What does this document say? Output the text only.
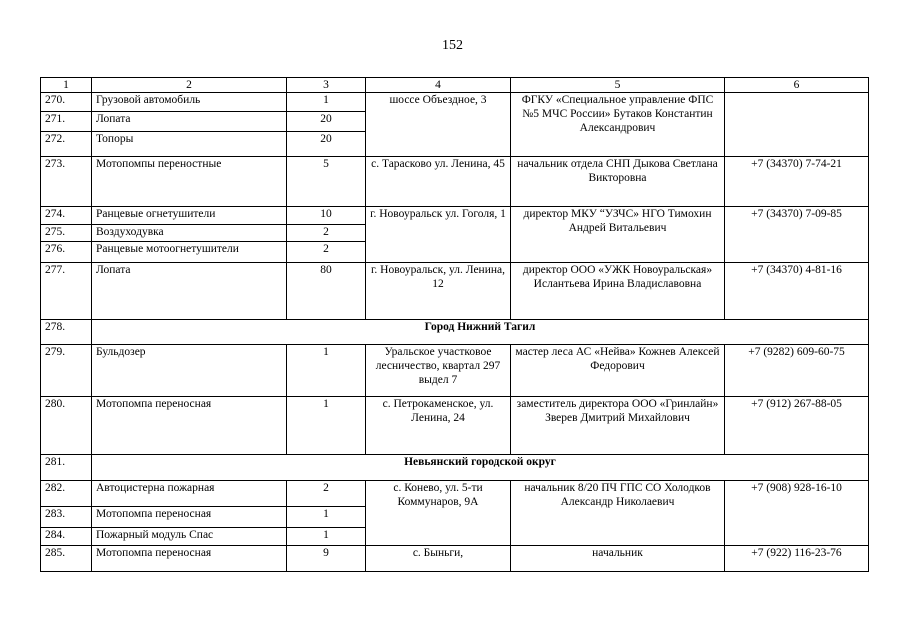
152
1	2	3	4	5	6
270.	Грузовой автомобиль	1	шоссе Объездное, 3	ФГКУ «Специальное управление ФПС №5 МЧС России» Бутаков Константин Александрович	
271.	Лопата	20			
272.	Топоры	20			
273.	Мотопомпы переностные	5	с. Тарасково ул. Ленина, 45	начальник отдела СНП Дыкова Светлана Викторовна	+7 (34370) 7-74-21
274.	Ранцевые огнетушители	10	г. Новоуральск ул. Гоголя, 1	директор МКУ “УЗЧС» НГО Тимохин Андрей Витальевич	+7 (34370) 7-09-85
275.	Воздуходувка	2			
276.	Ранцевые мотоогнетушители	2			
277.	Лопата	80	г. Новоуральск, ул. Ленина, 12	директор ООО «УЖК Новоуральская» Ислантьева Ирина Владиславовна	+7 (34370) 4-81-16
278.	Город Нижний Тагил				
279.	Бульдозер	1	Уральское участковое лесничество, квартал 297 выдел 7	мастер леса АС «Нейва» Кожнев Алексей Федорович	+7 (9282) 609-60-75
280.	Мотопомпа переносная	1	с. Петрокаменское, ул. Ленина, 24	заместитель директора ООО «Гринлайн» Зверев Дмитрий Михайлович	+7 (912) 267-88-05
281.	Невьянский городской округ				
282.	Автоцистерна пожарная	2	с. Конево, ул. 5-ти Коммунаров, 9А	начальник 8/20 ПЧ ГПС СО Холодков Александр Николаевич	+7 (908) 928-16-10
283.	Мотопомпа переносная	1			
284.	Пожарный модуль Спас	1			
285.	Мотопомпа переносная	9	с. Быньги,	начальник	+7 (922) 116-23-76
